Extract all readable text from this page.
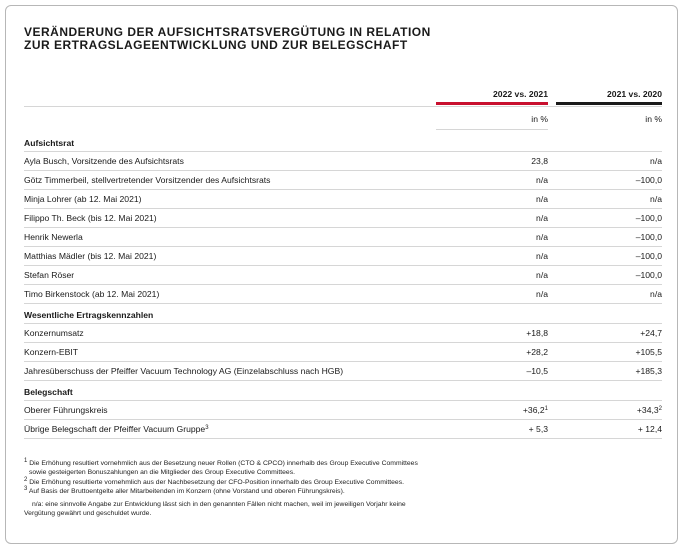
VERÄNDERUNG DER AUFSICHTSRATSVERGÜTUNG IN RELATION
ZUR ERTRAGSLAGEENTWICKLUNG UND ZUR BELEGSCHAFT
2022 vs. 2021	2021 vs. 2020
in %	in %
Aufsichtsrat
Ayla Busch, Vorsitzende des Aufsichtsrats	23,8	n/a
Götz Timmerbeil, stellvertretender Vorsitzender des Aufsichtsrats	n/a	–100,0
Minja Lohrer (ab 12. Mai 2021)	n/a	n/a
Filippo Th. Beck (bis 12. Mai 2021)	n/a	–100,0
Henrik Newerla	n/a	–100,0
Matthias Mädler (bis 12. Mai 2021)	n/a	–100,0
Stefan Röser	n/a	–100,0
Timo Birkenstock (ab 12. Mai 2021)	n/a	n/a
Wesentliche Ertragskennzahlen
Konzernumsatz	+18,8	+24,7
Konzern-EBIT	+28,2	+105,5
Jahresüberschuss der Pfeiffer Vacuum Technology AG (Einzelabschluss nach HGB)	–10,5	+185,3
Belegschaft
Oberer Führungskreis	$+36,2^1$	$+34,3^2$
Übrige Belegschaft der Pfeiffer Vacuum Gruppe$^3$	+ 5,3	+ 12,4

$^1$ Die Erhöhung resultiert vornehmlich aus der Besetzung neuer Rollen (CTO & CPCO) innerhalb des Group Executive Committees

sowie gesteigerten Bonuszahlungen an die Mitglieder des Group Executive Committees.

$^2$ Die Erhöhung resultierte vornehmlich aus der Nachbesetzung der CFO-Position innerhalb des Group Executive Committees.

$^3$ Auf Basis der Bruttoentgelte aller Mitarbeitenden im Konzern (ohne Vorstand und oberen Führungskreis).

n/a: eine sinnvolle Angabe zur Entwicklung lässt sich in den genannten Fällen nicht machen, weil im jeweiligen Vorjahr keine

Vergütung gewährt und geschuldet wurde.
